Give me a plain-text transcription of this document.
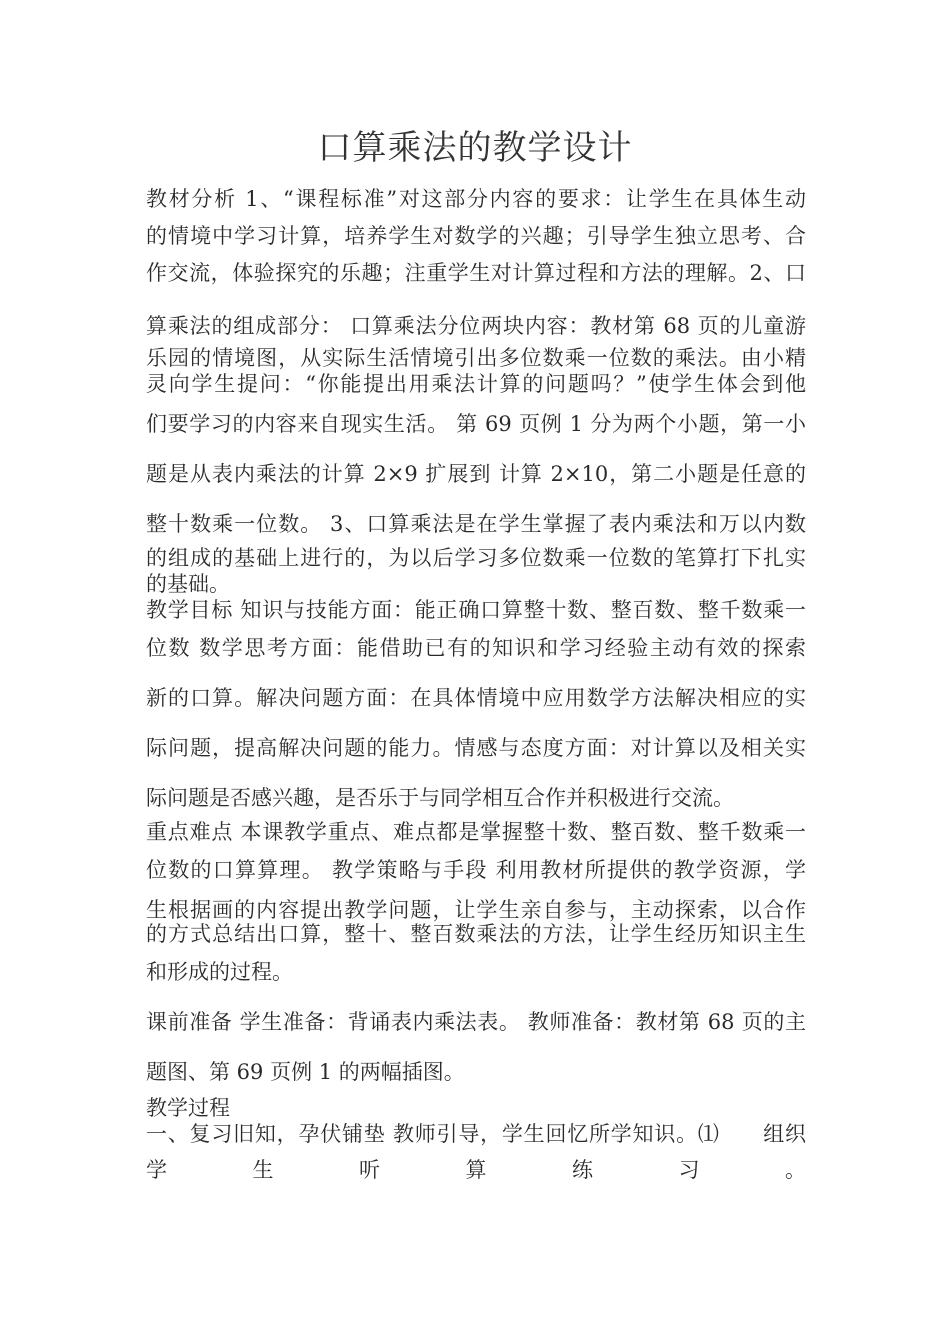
口算乘法的教学设计
教材分析 1、“课程标准”对这部分内容的要求：让学生在具体生动
的情境中学习计算，培养学生对数学的兴趣；引导学生独立思考、合
作交流，体验探究的乐趣；注重学生对计算过程和方法的理解。2、口
算乘法的组成部分： 口算乘法分位两块内容：教材第 68 页的儿童游
乐园的情境图，从实际生活情境引出多位数乘一位数的乘法。由小精
灵向学生提问：“你能提出用乘法计算的问题吗？”使学生体会到他
们要学习的内容来自现实生活。 第 69 页例 1 分为两个小题，第一小
题是从表内乘法的计算 2×9 扩展到 计算 2×10，第二小题是任意的
整十数乘一位数。 3、口算乘法是在学生掌握了表内乘法和万以内数
的组成的基础上进行的，为以后学习多位数乘一位数的笔算打下扎实
的基础。
教学目标 知识与技能方面：能正确口算整十数、整百数、整千数乘一
位数 数学思考方面：能借助已有的知识和学习经验主动有效的探索
新的口算。解决问题方面：在具体情境中应用数学方法解决相应的实
际问题，提高解决问题的能力。情感与态度方面：对计算以及相关实
际问题是否感兴趣，是否乐于与同学相互合作并积极进行交流。
重点难点 本课教学重点、难点都是掌握整十数、整百数、整千数乘一
位数的口算算理。 教学策略与手段 利用教材所提供的教学资源，学
生根据画的内容提出教学问题，让学生亲自参与，主动探索，以合作
的方式总结出口算，整十、整百数乘法的方法，让学生经历知识主生
和形成的过程。
课前准备 学生准备：背诵表内乘法表。 教师准备：教材第 68 页的主
题图、第 69 页例 1 的两幅插图。
教学过程
一、复习旧知，孕伏铺垫 教师引导，学生回忆所学知识。⑴　　组织
学　　生　　听　　算　　练　　习　　。
